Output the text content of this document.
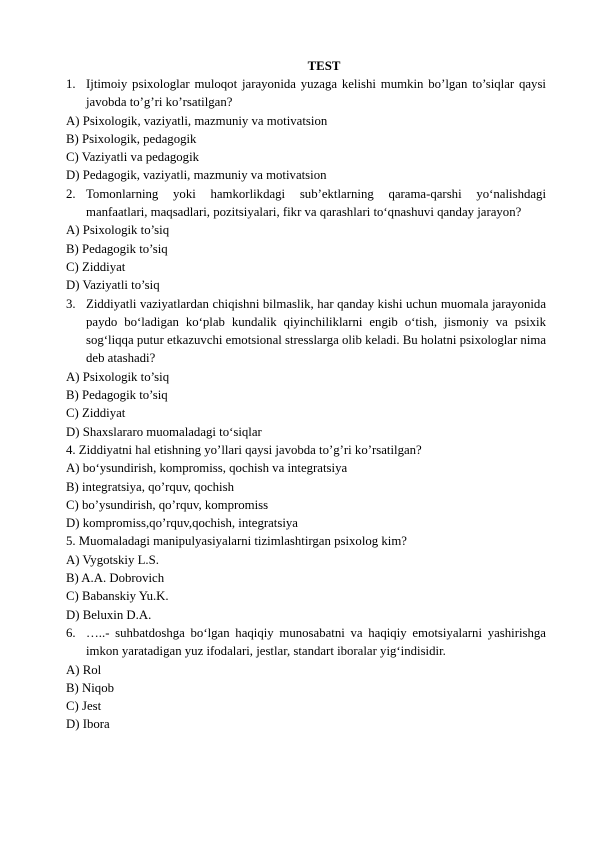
TEST
1. Ijtimoiy psixologlar muloqot jarayonida yuzaga kelishi mumkin bo’lgan to’siqlar qaysi javobda to’g’ri ko’rsatilgan?
A) Psixologik, vaziyatli, mazmuniy va motivatsion
B) Psixologik, pedagogik
C) Vaziyatli va pedagogik
D) Pedagogik, vaziyatli, mazmuniy va motivatsion
2. Tomonlarning yoki hamkorlikdagi sub’ektlarning qarama-qarshi yo‘nalishdagi manfaatlari, maqsadlari, pozitsiyalari, fikr va qarashlari to‘qnashuvi qanday jarayon?
A) Psixologik to’siq
B) Pedagogik to’siq
C) Ziddiyat
D) Vaziyatli to’siq
3. Ziddiyatli vaziyatlardan chiqishni bilmaslik, har qanday kishi uchun muomala jarayonida paydo bo‘ladigan ko‘plab kundalik qiyinchiliklarni engib o‘tish, jismoniy va psixik sog‘liqqa putur etkazuvchi emotsional stresslarga olib keladi. Bu holatni psixologlar nima deb atashadi?
A) Psixologik to’siq
B) Pedagogik to’siq
C) Ziddiyat
D) Shaxslararo muomaladagi to‘siqlar
4. Ziddiyatni hal etishning yo’llari qaysi javobda to’g’ri ko’rsatilgan?
A) bo‘ysundirish, kompromiss, qochish va integratsiya
B) integratsiya, qo’rquv, qochish
C) bo’ysundirish, qo’rquv, kompromiss
D) kompromiss,qo’rquv,qochish, integratsiya
5. Muomaladagi manipulyasiyalarni tizimlashtirgan psixolog kim?
A) Vygotskiy L.S.
B) A.A. Dobrovich
C) Babanskiy Yu.K.
D) Beluxin D.A.
6. …..- suhbatdoshga bo‘lgan haqiqiy munosabatni va haqiqiy emotsiyalarni yashirishga imkon yaratadigan yuz ifodalari, jestlar, standart iboralar yig‘indisidir.
A) Rol
B) Niqob
C) Jest
D) Ibora
